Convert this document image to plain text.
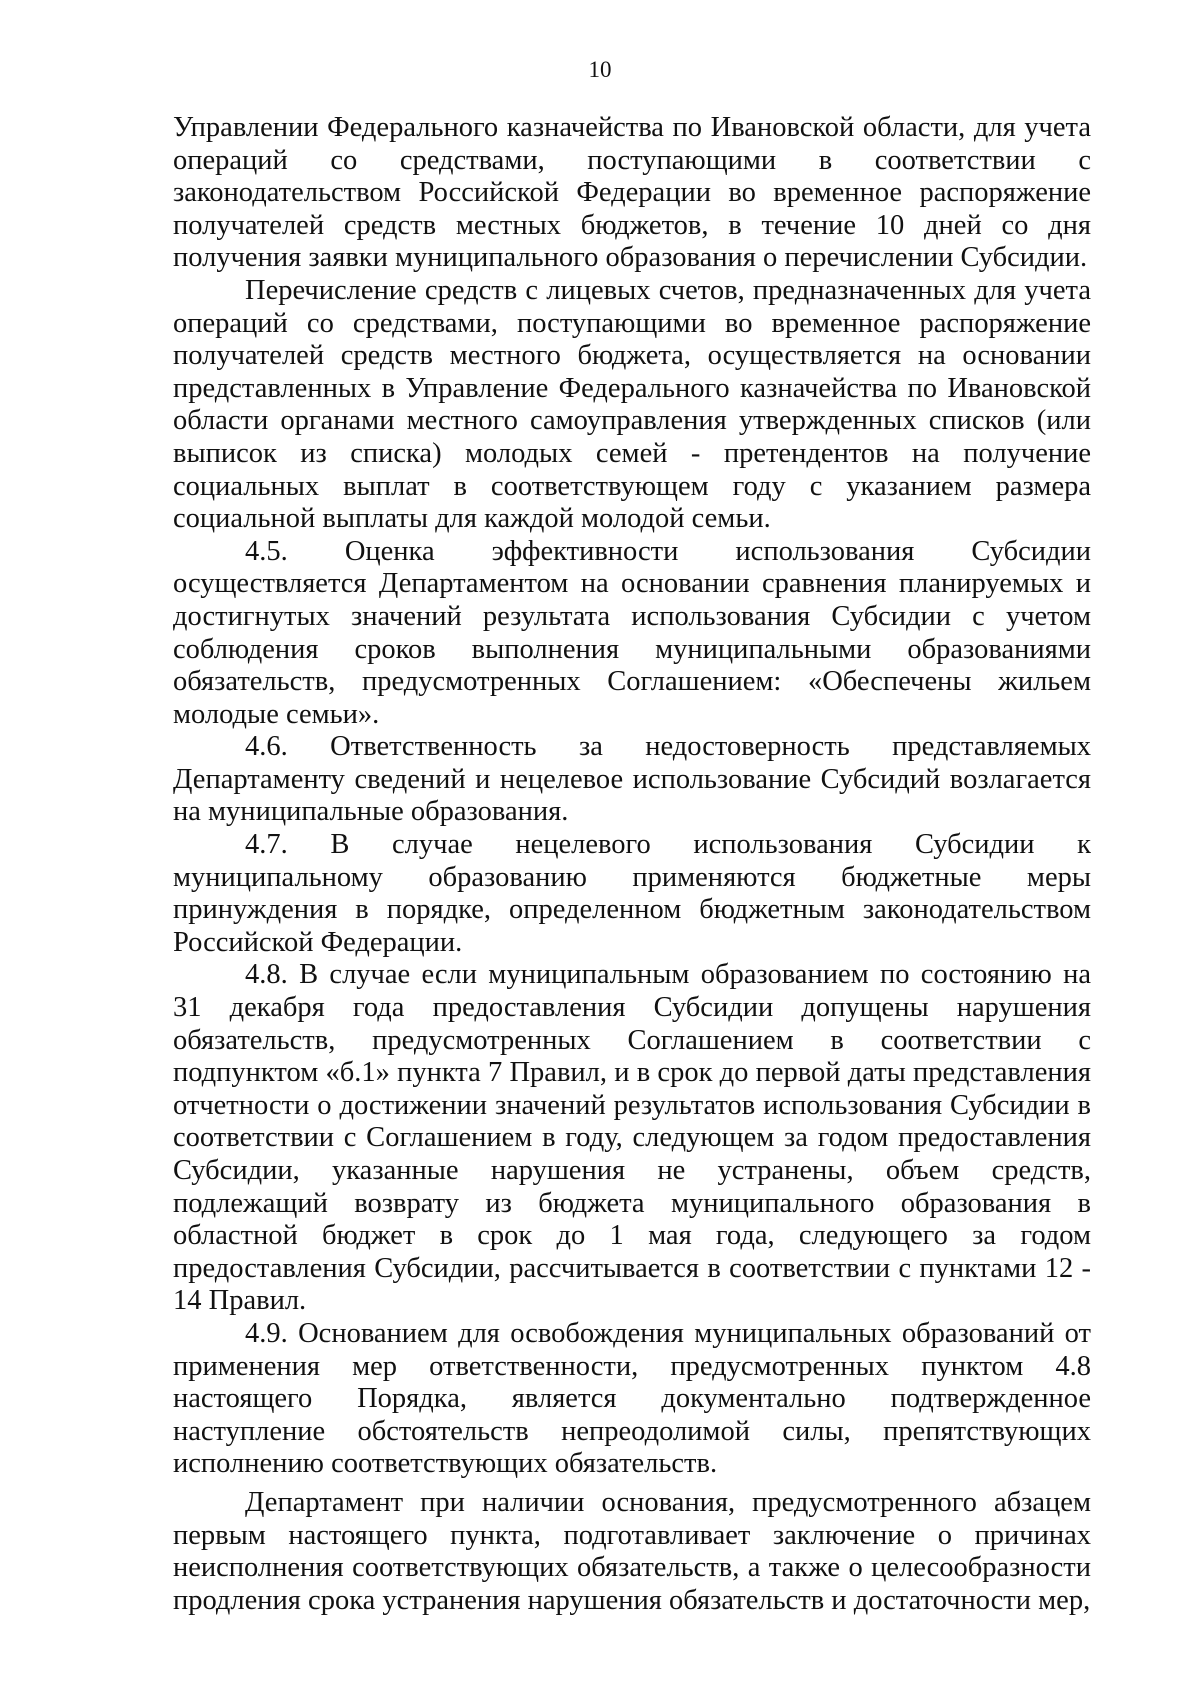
10

Управлении Федерального казначейства по Ивановской области, для учета операций со средствами, поступающими в соответствии с законодательством Российской Федерации во временное распоряжение получателей средств местных бюджетов, в течение 10 дней со дня получения заявки муниципального образования о перечислении Субсидии.

Перечисление средств с лицевых счетов, предназначенных для учета операций со средствами, поступающими во временное распоряжение получателей средств местного бюджета, осуществляется на основании представленных в Управление Федерального казначейства по Ивановской области органами местного самоуправления утвержденных списков (или выписок из списка) молодых семей - претендентов на получение социальных выплат в соответствующем году с указанием размера социальной выплаты для каждой молодой семьи.

4.5. Оценка эффективности использования Субсидии осуществляется Департаментом на основании сравнения планируемых и достигнутых значений результата использования Субсидии с учетом соблюдения сроков выполнения муниципальными образованиями обязательств, предусмотренных Соглашением: «Обеспечены жильем молодые семьи».

4.6. Ответственность за недостоверность представляемых Департаменту сведений и нецелевое использование Субсидий возлагается на муниципальные образования.

4.7. В случае нецелевого использования Субсидии к муниципальному образованию применяются бюджетные меры принуждения в порядке, определенном бюджетным законодательством Российской Федерации.

4.8. В случае если муниципальным образованием по состоянию на 31 декабря года предоставления Субсидии допущены нарушения обязательств, предусмотренных Соглашением в соответствии с подпунктом «б.1» пункта 7 Правил, и в срок до первой даты представления отчетности о достижении значений результатов использования Субсидии в соответствии с Соглашением в году, следующем за годом предоставления Субсидии, указанные нарушения не устранены, объем средств, подлежащий возврату из бюджета муниципального образования в областной бюджет в срок до 1 мая года, следующего за годом предоставления Субсидии, рассчитывается в соответствии с пунктами 12 - 14 Правил.

4.9. Основанием для освобождения муниципальных образований от применения мер ответственности, предусмотренных пунктом 4.8 настоящего Порядка, является документально подтвержденное наступление обстоятельств непреодолимой силы, препятствующих исполнению соответствующих обязательств.

Департамент при наличии основания, предусмотренного абзацем первым настоящего пункта, подготавливает заключение о причинах неисполнения соответствующих обязательств, а также о целесообразности продления срока устранения нарушения обязательств и достаточности мер,
